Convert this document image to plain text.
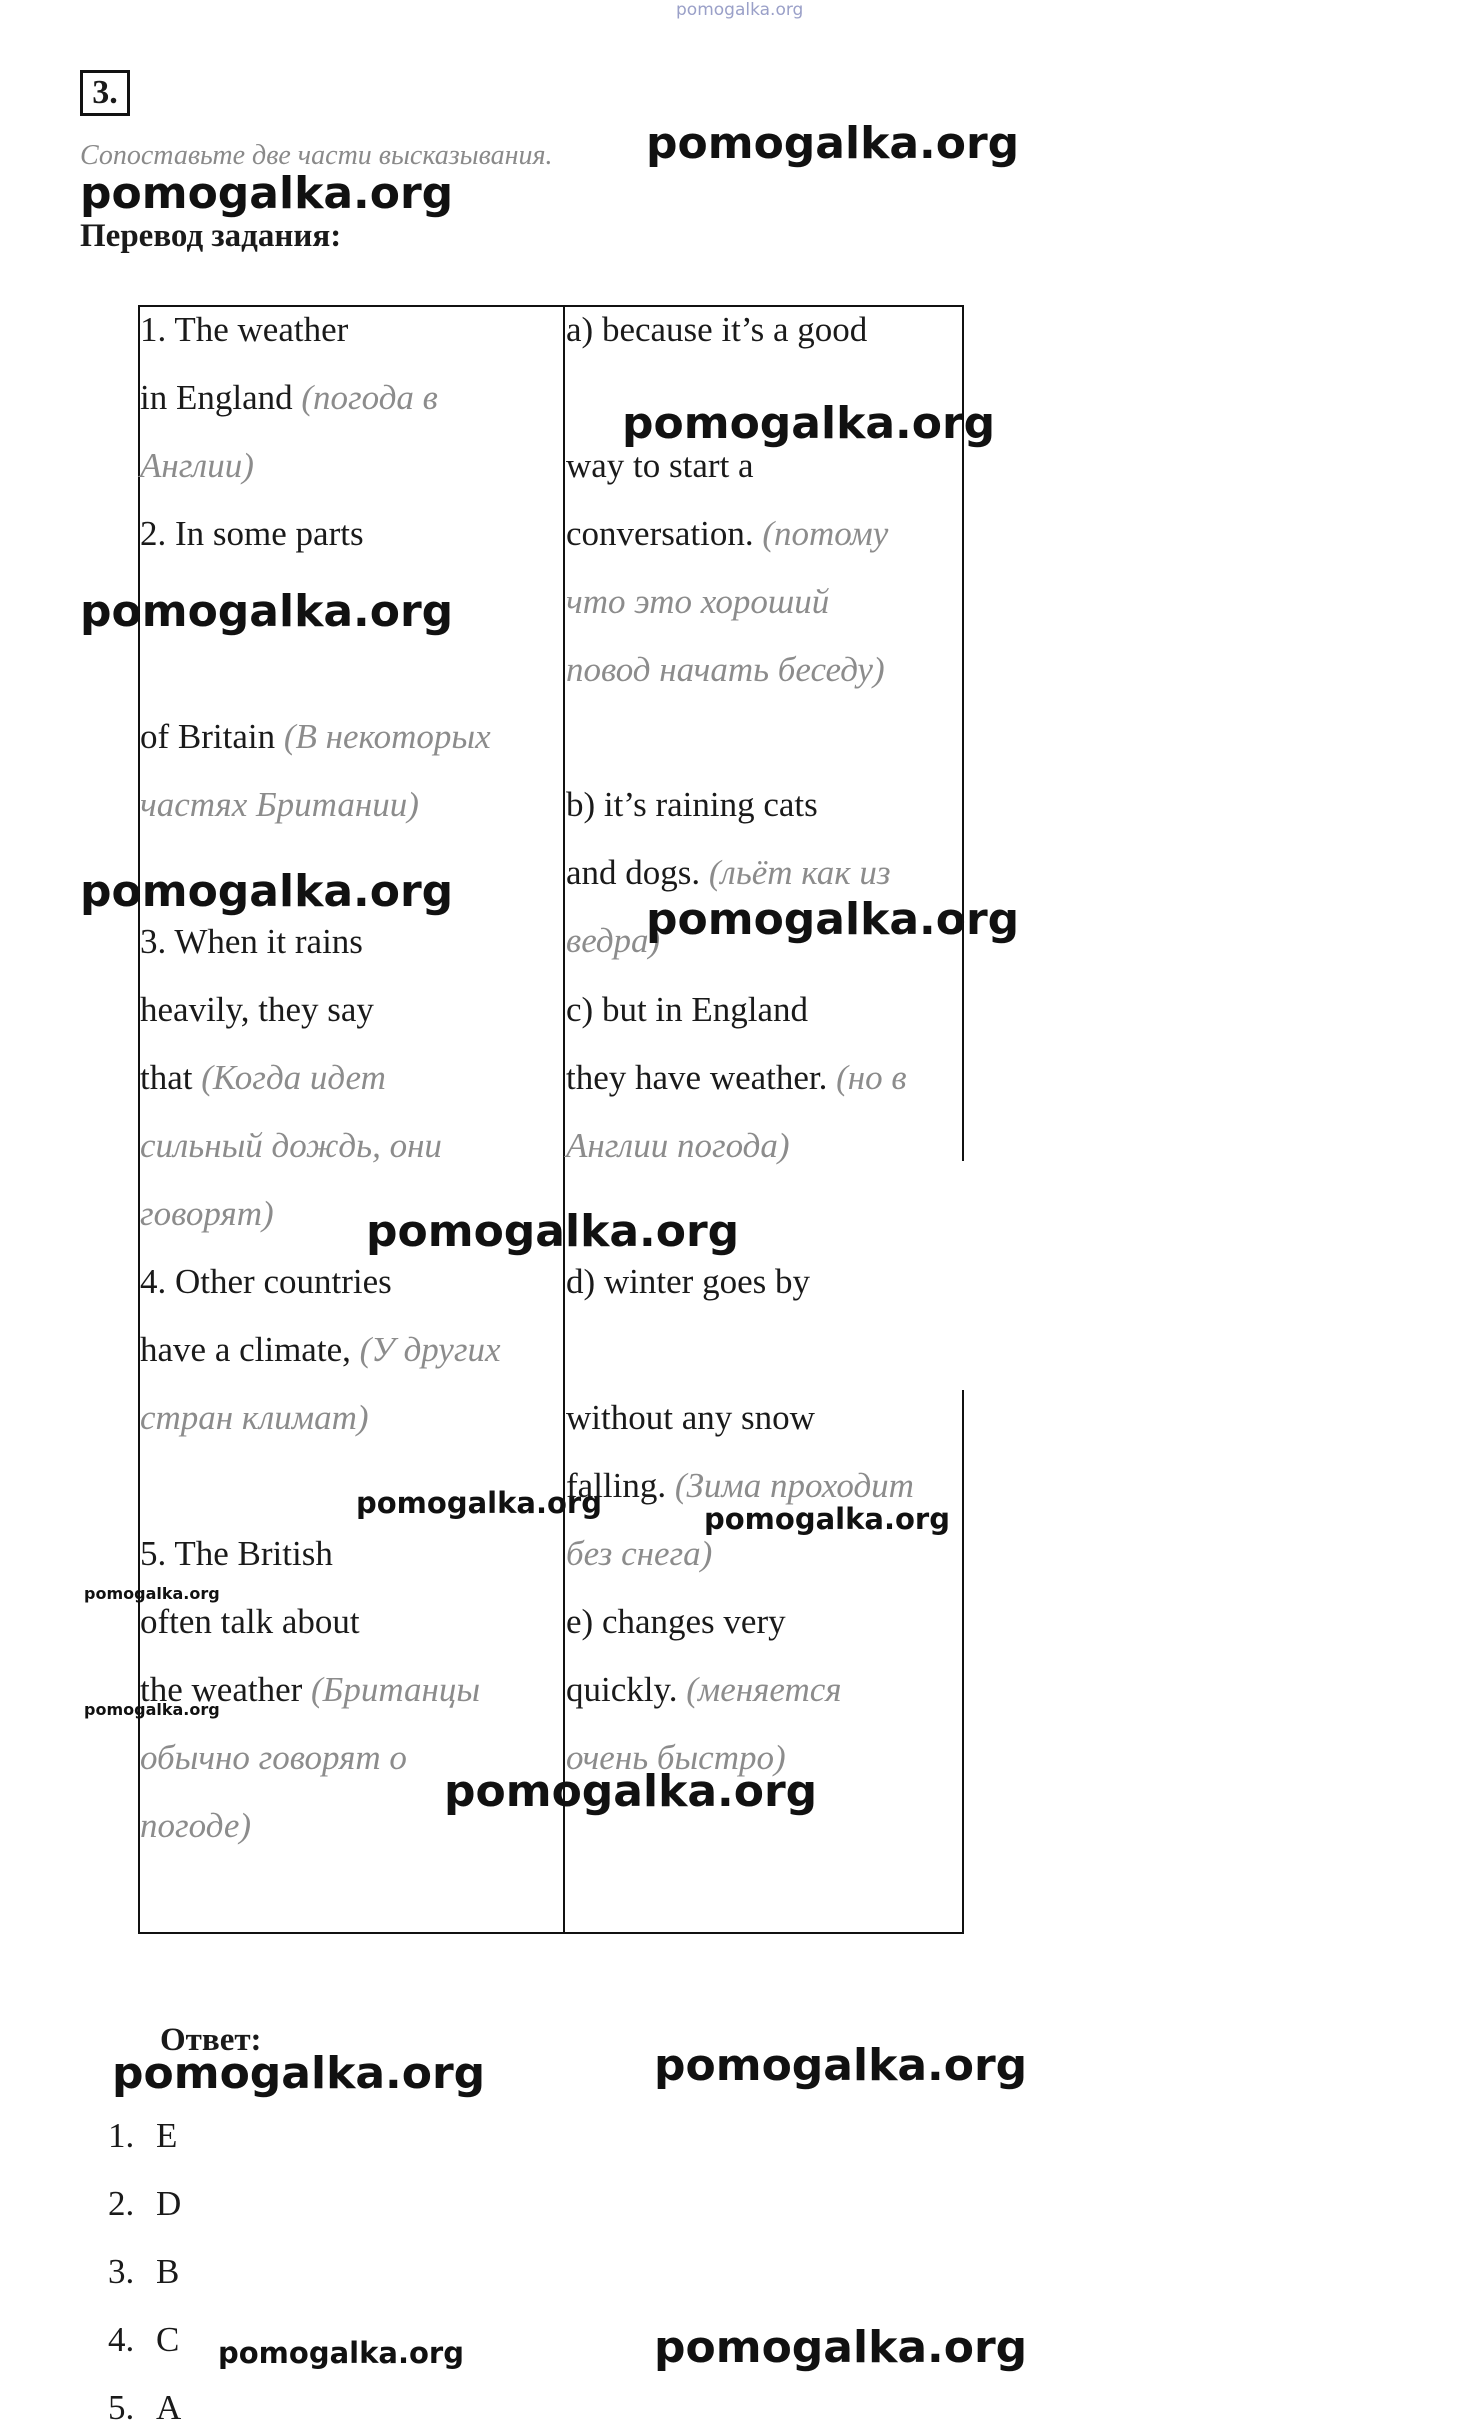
pomogalka.org
3.
Сопоставьте две части высказывания.
Перевод задания:
1. The weather
in England (погода в
Англии)
2. In some parts
of Britain (В некоторых
частях Британии)
3. When it rains
heavily, they say
that (Когда идет
сильный дождь, они
говорят)
4. Other countries
have a climate, (У других
стран климат)
5. The British
often talk about
the weather (Британцы
обычно говорят о
погоде)
a) because it’s a good
way to start a
conversation. (потому
что это хороший
повод начать беседу)
b) it’s raining cats
and dogs. (льёт как из
ведра)
c) but in England
they have weather. (но в
Англии погода)
d) winter goes by
without any snow
falling. (Зима проходит
без снега)
e) changes very
quickly. (меняется
очень быстро)
Ответ:
1. E
2. D
3. B
4. C
5. A
pomogalka.org
pomogalka.org
pomogalka.org
pomogalka.org
pomogalka.org
pomogalka.org
pomogalka.org
pomogalka.org	pomogalka.org
pomogalka.org
pomogalka.org
pomogalka.org
pomogalka.org
pomogalka.org
pomogalka.org	pomogalka.org
